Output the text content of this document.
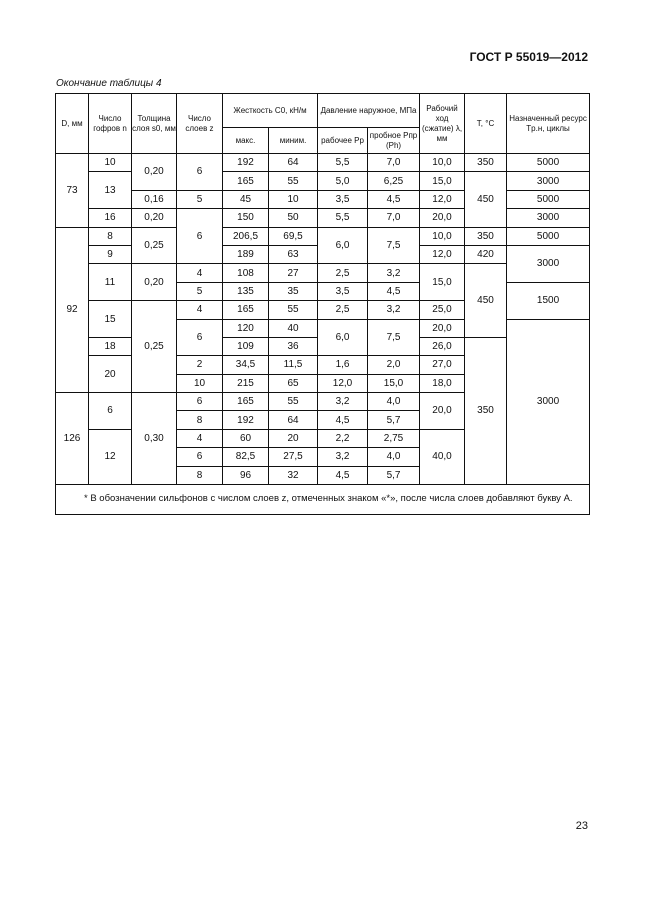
ГОСТ Р 55019—2012
Окончание таблицы 4
D, мм	Число гофров n	Толщина слоя s0, мм	Число слоев z	Жесткость C0, кН/м		Давление наружное, МПа		Рабочий ход (сжатие) λ, мм	T, °C	Назначенный ресурс Tр.н, циклы
				макс.	миним.	рабочее Pр	пробное Pпр (Ph)			
73	10	0,20	6	192	64	5,5	7,0	10,0	350	5000
	13			165	55	5,0	6,25	15,0	450	3000
		0,16	5	45	10	3,5	4,5	12,0		5000
	16	0,20	6	150	50	5,5	7,0	20,0		3000
92	8	0,25		206,5	69,5	6,0	7,5	10,0	350	5000
	9			189	63			12,0	420	3000
	11	0,20	4	108	27	2,5	3,2	15,0	450	
			5	135	35	3,5	4,5			1500
	15	0,25	4	165	55	2,5	3,2	25,0		
			6	120	40	6,0	7,5	20,0		3000
	18			109	36			26,0	350	
	20		2	34,5	11,5	1,6	2,0	27,0		
			10	215	65	12,0	15,0	18,0		
126	6	0,30	6	165	55	3,2	4,0	20,0		
			8	192	64	4,5	5,7			
	12		4	60	20	2,2	2,75	40,0		
			6	82,5	27,5	3,2	4,0			
			8	96	32	4,5	5,7			
* В обозначении сильфонов с числом слоев z, отмеченных знаком «*», после числа слоев добавляют букву А.										
23
